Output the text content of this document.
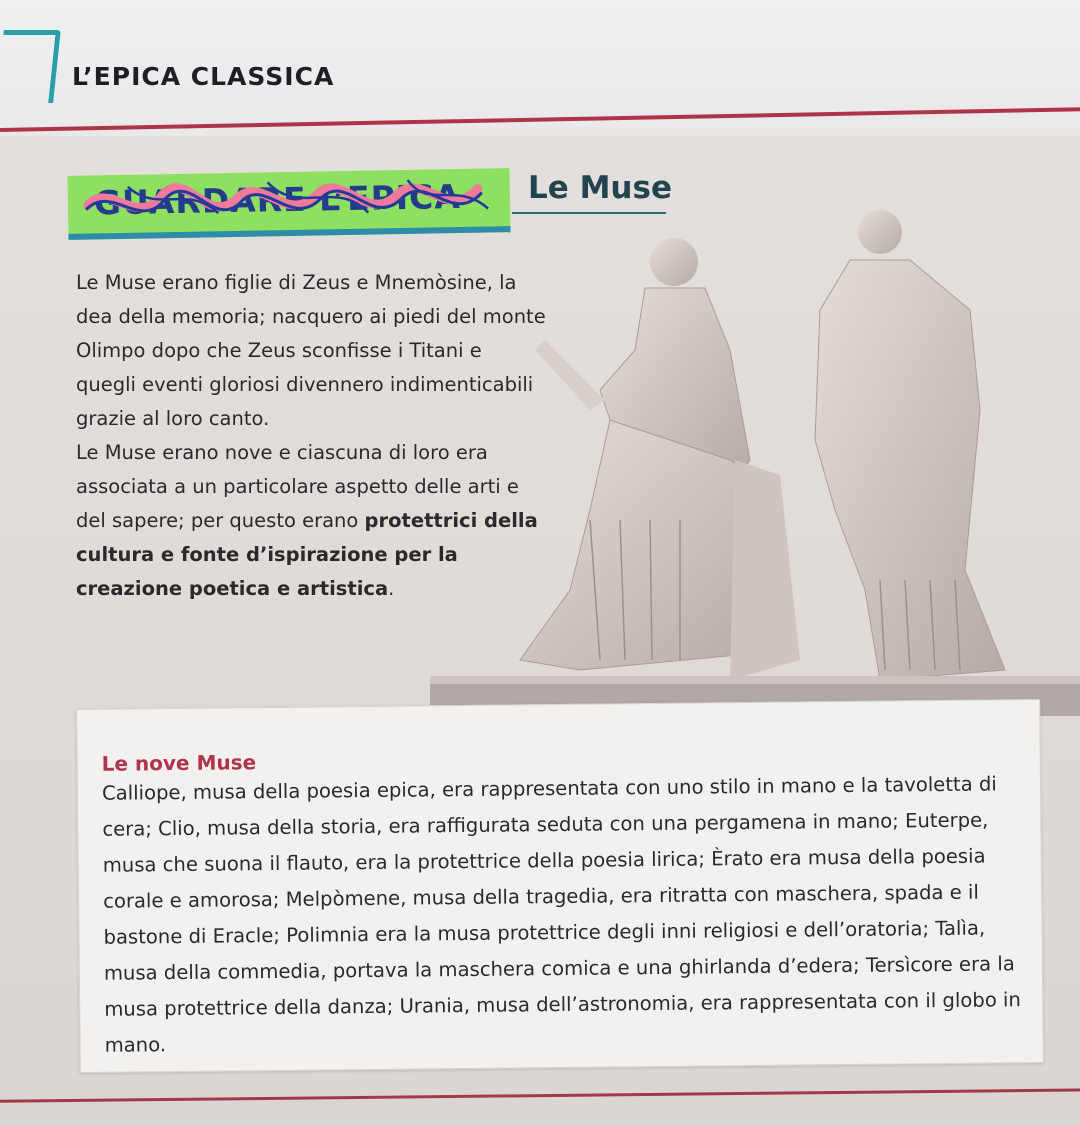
L’EPICA CLASSICA
GUARDARE L’EPICA Le Muse

Le Muse erano figlie di Zeus e Mnemòsine, la dea della memoria; nacquero ai piedi del monte Olimpo dopo che Zeus sconfisse i Titani e quegli eventi gloriosi divennero indimenticabili grazie al loro canto.

Le Muse erano nove e ciascuna di loro era associata a un particolare aspetto delle arti e del sapere; per questo erano protettrici della cultura e fonte d’ispirazione per la creazione poetica e artistica.

Le nove Muse
Calliope, musa della poesia epica, era rappresentata con uno stilo in mano e la tavoletta di cera; Clio, musa della storia, era raffigurata seduta con una pergamena in mano; Euterpe, musa che suona il flauto, era la protettrice della poesia lirica; Èrato era musa della poesia corale e amorosa; Melpòmene, musa della tragedia, era ritratta con maschera, spada e il bastone di Eracle; Polimnia era la musa protettrice degli inni religiosi e dell’oratoria; Talìa, musa della commedia, portava la maschera comica e una ghirlanda d’edera; Tersìcore era la musa protettrice della danza; Urania, musa dell’astronomia, era rappresentata con il globo in mano.
